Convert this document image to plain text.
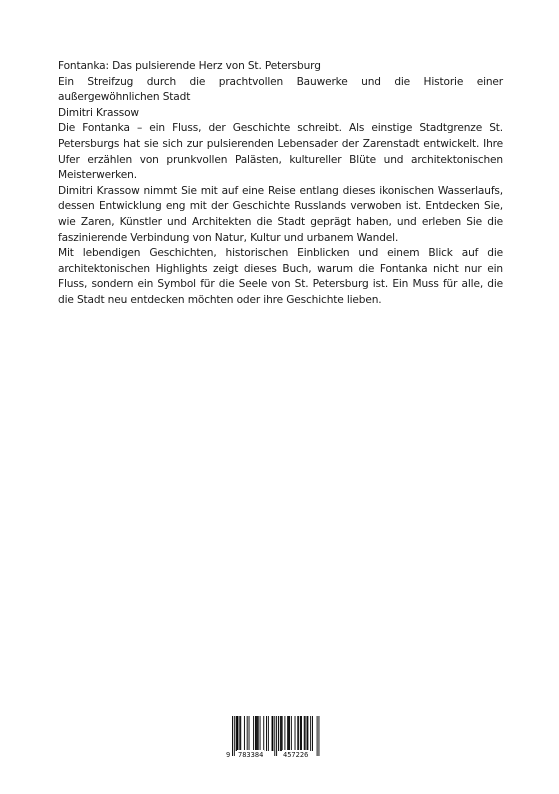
Fontanka: Das pulsierende Herz von St. Petersburg

Ein Streifzug durch die prachtvollen Bauwerke und die Historie einer außergewöhnlichen Stadt

Dimitri Krassow

Die Fontanka – ein Fluss, der Geschichte schreibt. Als einstige Stadtgrenze St. Petersburgs hat sie sich zur pulsierenden Lebensader der Zarenstadt entwickelt. Ihre Ufer erzählen von prunkvollen Palästen, kultureller Blüte und architektonischen Meisterwerken.

Dimitri Krassow nimmt Sie mit auf eine Reise entlang dieses ikonischen Wasserlaufs, dessen Entwicklung eng mit der Geschichte Russlands verwoben ist. Entdecken Sie, wie Zaren, Künstler und Architekten die Stadt geprägt haben, und erleben Sie die faszinierende Verbindung von Natur, Kultur und urbanem Wandel.

Mit lebendigen Geschichten, historischen Einblicken und einem Blick auf die architektonischen Highlights zeigt dieses Buch, warum die Fontanka nicht nur ein Fluss, sondern ein Symbol für die Seele von St. Petersburg ist. Ein Muss für alle, die die Stadt neu entdecken möchten oder ihre Geschichte lieben.

9 783384	457226
